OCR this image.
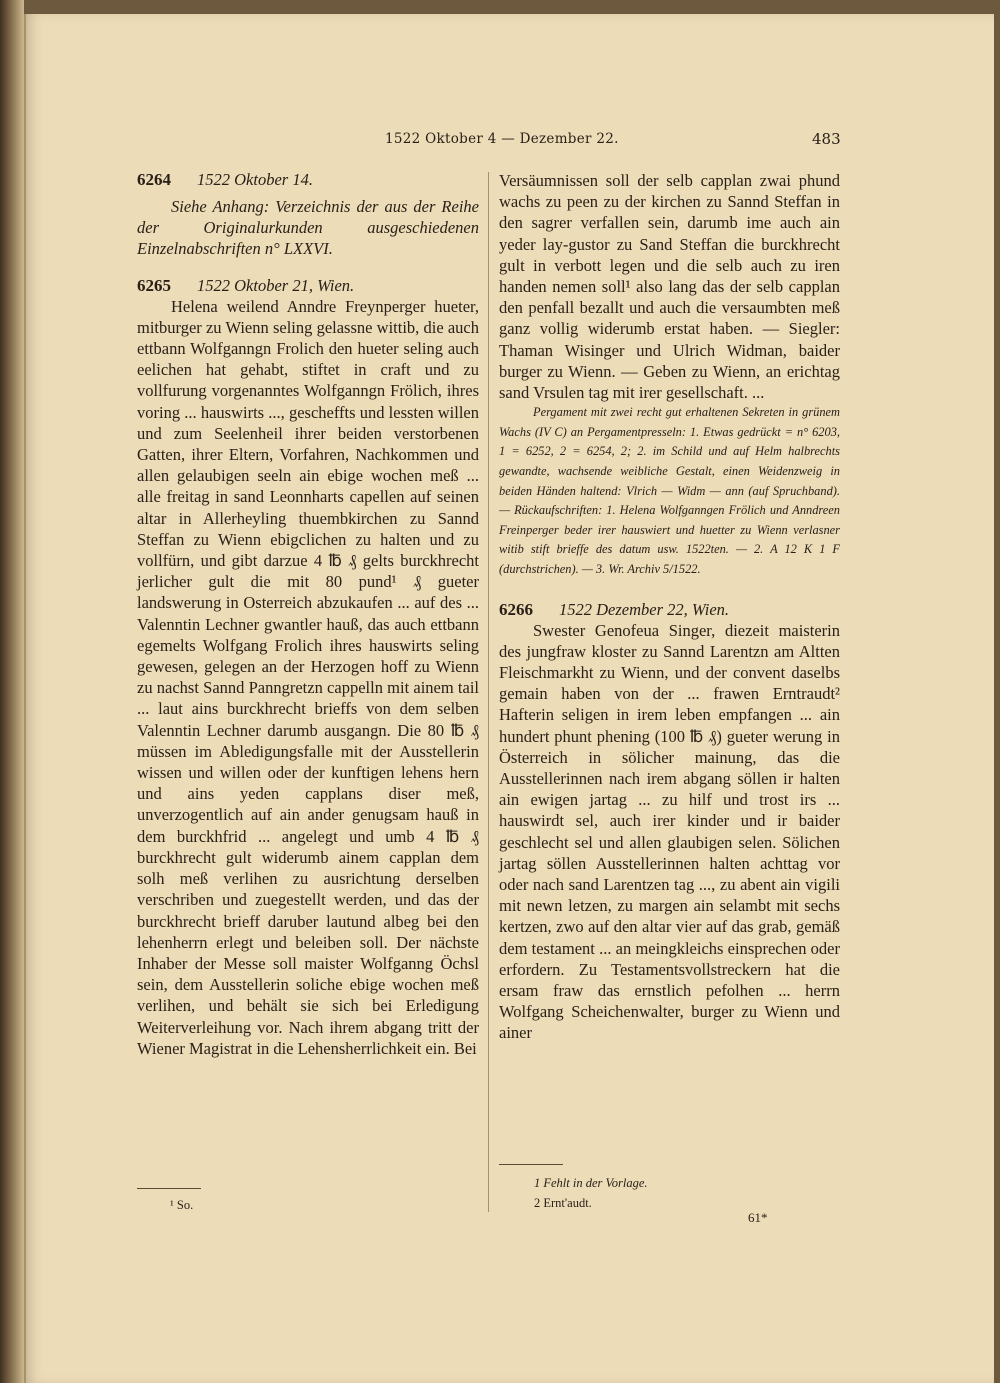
1522 Oktober 4 — Dezember 22.	483
6264 1522 Oktober 14.

Siehe Anhang: Verzeichnis der aus der Reihe der Originalurkunden ausgeschiedenen Einzelnabschriften n° LXXVI.

6265 1522 Oktober 21, Wien.

Helena weilend Anndre Freynperger hueter, mitburger zu Wienn seling gelassne wittib, die auch ettbann Wolfganngn Frolich den hueter seling auch eelichen hat gehabt, stiftet in craft und zu vollfurung vorgenanntes Wolfganngn Frölich, ihres voring ... hauswirts ..., gescheffts und lessten willen und zum Seelenheil ihrer beiden verstorbenen Gatten, ihrer Eltern, Vorfahren, Nachkommen und allen gelaubigen seeln ain ebige wochen meß ... alle freitag in sand Leonnharts capellen auf seinen altar in Allerheyling thuembkirchen zu Sannd Steffan zu Wienn ebigclichen zu halten und zu vollfürn, und gibt darzue 4 ℔ ₰ gelts burckhrecht jerlicher gult die mit 80 pund¹ ₰ gueter landswerung in Osterreich abzukaufen ... auf des ... Valenntin Lechner gwantler hauß, das auch ettbann egemelts Wolfgang Frolich ihres hauswirts seling gewesen, gelegen an der Herzogen hoff zu Wienn zu nachst Sannd Panngretzn cappelln mit ainem tail ... laut ains burckhrecht brieffs von dem selben Valenntin Lechner darumb ausgangn. Die 80 ℔ ₰ müssen im Abledigungsfalle mit der Ausstellerin wissen und willen oder der kunftigen lehens hern und ains yeden capplans diser meß, unverzogentlich auf ain ander genugsam hauß in dem burckhfrid ... angelegt und umb 4 ℔ ₰ burckhrecht gult widerumb ainem capplan dem solh meß verlihen zu ausrichtung derselben verschriben und zuegestellt werden, und das der burckhrecht brieff daruber lautund albeg bei den lehenherrn erlegt und beleiben soll. Der nächste Inhaber der Messe soll maister Wolfganng Öchsl sein, dem Ausstellerin soliche ebige wochen meß verlihen, und behält sie sich bei Erledigung Weiterverleihung vor. Nach ihrem abgang tritt der Wiener Magistrat in die Lehensherrlichkeit ein. Bei

¹ So.

Versäumnissen soll der selb capplan zwai phund wachs zu peen zu der kirchen zu Sannd Steffan in den sagrer verfallen sein, darumb ime auch ain yeder lay-gustor zu Sand Steffan die burckhrecht gult in verbott legen und die selb auch zu iren handen nemen soll¹ also lang das der selb capplan den penfall bezallt und auch die versaumbten meß ganz vollig widerumb erstat haben. — Siegler: Thaman Wisinger und Ulrich Widman, baider burger zu Wienn. — Geben zu Wienn, an erichtag sand Vrsulen tag mit irer gesellschaft. ...

Pergament mit zwei recht gut erhaltenen Sekreten in grünem Wachs (IV C) an Pergamentpresseln: 1. Etwas gedrückt = n° 6203, 1 = 6252, 2 = 6254, 2; 2. im Schild und auf Helm halbrechts gewandte, wachsende weibliche Gestalt, einen Weidenzweig in beiden Händen haltend: Vlrich — Widm — ann (auf Spruchband). — Rückaufschriften: 1. Helena Wolfganngen Frölich und Anndreen Freinperger beder irer hauswiert und huetter zu Wienn verlasner witib stift brieffe des datum usw. 1522ten. — 2. A 12 K 1 F (durchstrichen). — 3. Wr. Archiv 5/1522.

6266 1522 Dezember 22, Wien.

Swester Genofeua Singer, diezeit maisterin des jungfraw kloster zu Sannd Larentzn am Altten Fleischmarkht zu Wienn, und der convent daselbs gemain haben von der ... frawen Erntraudt² Hafterin seligen in irem leben empfangen ... ain hundert phunt phening (100 ℔ ₰) gueter werung in Österreich in sölicher mainung, das die Ausstellerinnen nach irem abgang söllen ir halten ain ewigen jartag ... zu hilf und trost irs ... hauswirdt sel, auch irer kinder und ir baider geschlecht sel und allen glaubigen selen. Sölichen jartag söllen Ausstellerinnen halten achttag vor oder nach sand Larentzen tag ..., zu abent ain vigili mit newn letzen, zu margen ain selambt mit sechs kertzen, zwo auf den altar vier auf das grab, gemäß dem testament ... an meingkleichs einsprechen oder erfordern. Zu Testamentsvollstreckern hat die ersam fraw das ernstlich pefolhen ... herrn Wolfgang Scheichenwalter, burger zu Wienn und ainer

1 Fehlt in der Vorlage.
2 Ernt'audt.
61*
